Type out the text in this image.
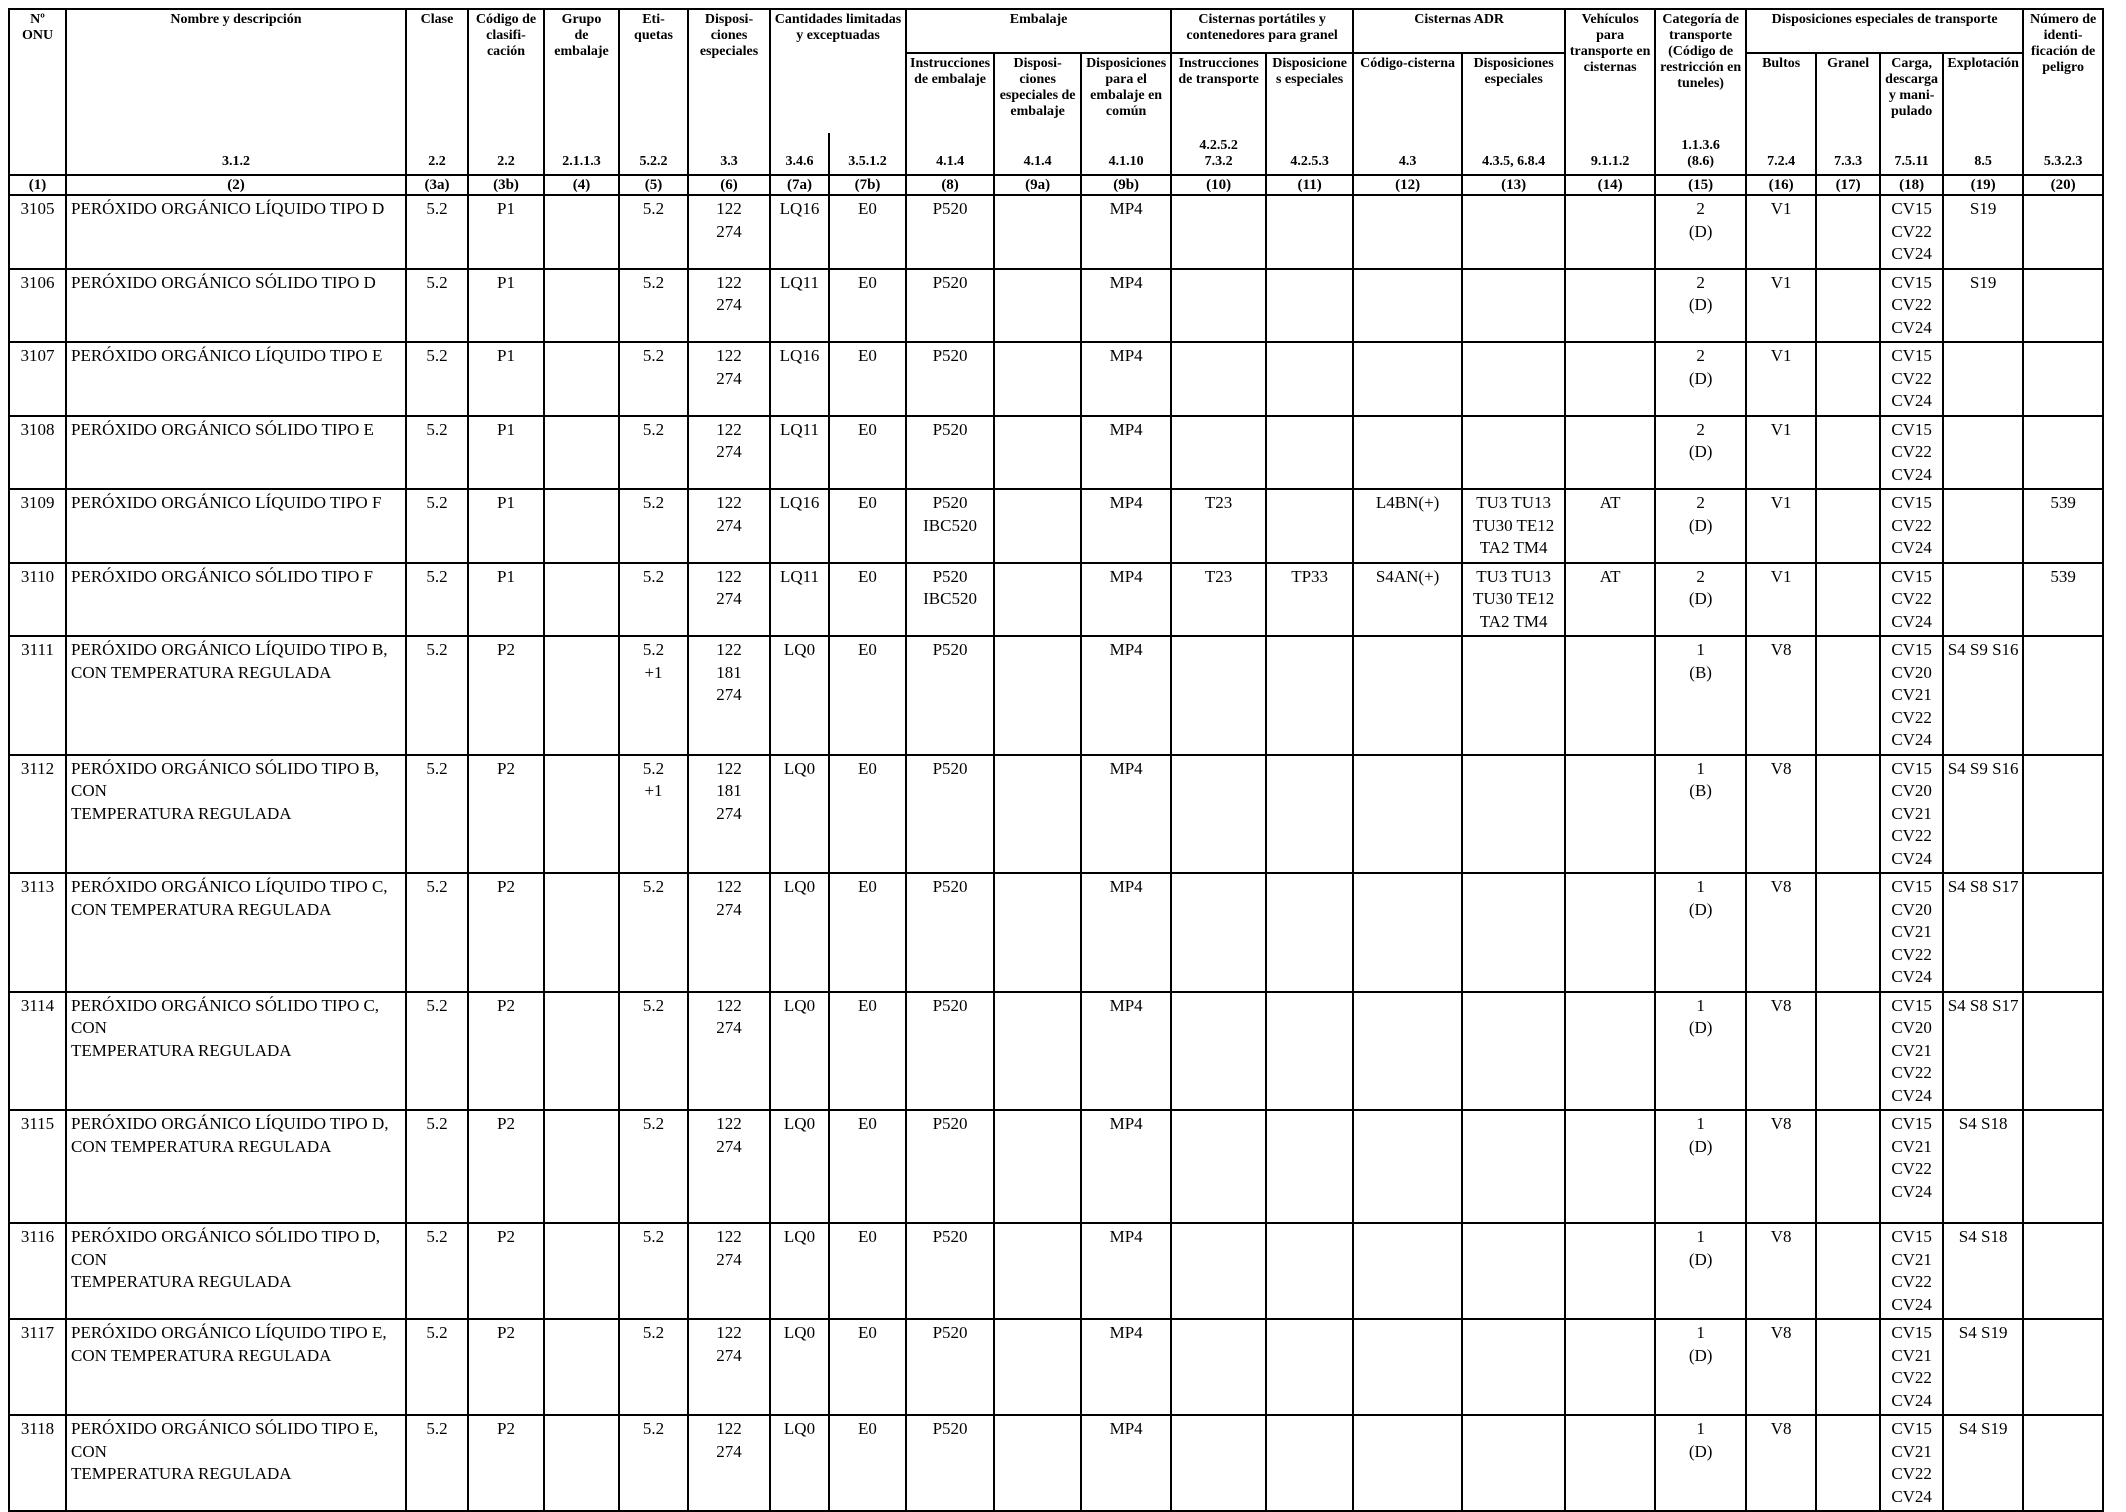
Nº ONU	Nombre y descripción	Clase	Código de
clasifi-
cación	Grupo
de
embalaje	Eti-
quetas	Disposi-
ciones
especiales	Cantidades limitadas
y exceptuadas		Embalaje			Cisternas portátiles y
contenedores para granel		Cisternas ADR		Vehículos
para
transporte en
cisternas	Categoría de
transporte
(Código de
restricción en
tuneles)	Disposiciones especiales de transporte				Número de
identi-
ficación de
peligro
									Instrucciones
de embalaje	Disposi-
ciones
especiales de
embalaje	Disposiciones
para el
embalaje en
común	Instrucciones
de transporte	Disposicione
s especiales	Código-cisterna	Disposiciones
especiales			Bultos	Granel	Carga,
descarga
y mani-
pulado	Explotación	
	3.1.2	2.2	2.2	2.1.1.3	5.2.2	3.3	3.4.6	3.5.1.2	4.1.4	4.1.4	4.1.10	4.2.5.2
7.3.2	4.2.5.3	4.3	4.3.5, 6.8.4	9.1.1.2	1.1.3.6
(8.6)	7.2.4	7.3.3	7.5.11	8.5	5.3.2.3
(1)	(2)	(3a)	(3b)	(4)	(5)	(6)	(7a)	(7b)	(8)	(9a)	(9b)	(10)	(11)	(12)	(13)	(14)	(15)	(16)	(17)	(18)	(19)	(20)
3105	PERÓXIDO ORGÁNICO LÍQUIDO TIPO D	5.2	P1		5.2	122
274	LQ16	E0	P520		MP4						2
(D)	V1		CV15
CV22
CV24	S19	
3106	PERÓXIDO ORGÁNICO SÓLIDO TIPO D	5.2	P1		5.2	122
274	LQ11	E0	P520		MP4						2
(D)	V1		CV15
CV22
CV24	S19	
3107	PERÓXIDO ORGÁNICO LÍQUIDO TIPO E	5.2	P1		5.2	122
274	LQ16	E0	P520		MP4						2
(D)	V1		CV15
CV22
CV24		
3108	PERÓXIDO ORGÁNICO SÓLIDO TIPO E	5.2	P1		5.2	122
274	LQ11	E0	P520		MP4						2
(D)	V1		CV15
CV22
CV24		
3109	PERÓXIDO ORGÁNICO LÍQUIDO TIPO F	5.2	P1		5.2	122
274	LQ16	E0	P520
IBC520		MP4	T23		L4BN(+)	TU3 TU13
TU30 TE12
TA2 TM4	AT	2
(D)	V1		CV15
CV22
CV24		539
3110	PERÓXIDO ORGÁNICO SÓLIDO TIPO F	5.2	P1		5.2	122
274	LQ11	E0	P520
IBC520		MP4	T23	TP33	S4AN(+)	TU3 TU13
TU30 TE12
TA2 TM4	AT	2
(D)	V1		CV15
CV22
CV24		539
3111	PERÓXIDO ORGÁNICO LÍQUIDO TIPO B,
CON TEMPERATURA REGULADA	5.2	P2		5.2
+1	122
181
274	LQ0	E0	P520		MP4						1
(B)	V8		CV15
CV20
CV21
CV22
CV24	S4 S9 S16	
3112	PERÓXIDO ORGÁNICO SÓLIDO TIPO B, CON
TEMPERATURA REGULADA	5.2	P2		5.2
+1	122
181
274	LQ0	E0	P520		MP4						1
(B)	V8		CV15
CV20
CV21
CV22
CV24	S4 S9 S16	
3113	PERÓXIDO ORGÁNICO LÍQUIDO TIPO C,
CON TEMPERATURA REGULADA	5.2	P2		5.2	122
274	LQ0	E0	P520		MP4						1
(D)	V8		CV15
CV20
CV21
CV22
CV24	S4 S8 S17	
3114	PERÓXIDO ORGÁNICO SÓLIDO TIPO C, CON
TEMPERATURA REGULADA	5.2	P2		5.2	122
274	LQ0	E0	P520		MP4						1
(D)	V8		CV15
CV20
CV21
CV22
CV24	S4 S8 S17	
3115	PERÓXIDO ORGÁNICO LÍQUIDO TIPO D,
CON TEMPERATURA REGULADA	5.2	P2		5.2	122
274	LQ0	E0	P520		MP4						1
(D)	V8		CV15
CV21
CV22
CV24	S4 S18	
3116	PERÓXIDO ORGÁNICO SÓLIDO TIPO D, CON
TEMPERATURA REGULADA	5.2	P2		5.2	122
274	LQ0	E0	P520		MP4						1
(D)	V8		CV15
CV21
CV22
CV24	S4 S18	
3117	PERÓXIDO ORGÁNICO LÍQUIDO TIPO E,
CON TEMPERATURA REGULADA	5.2	P2		5.2	122
274	LQ0	E0	P520		MP4						1
(D)	V8		CV15
CV21
CV22
CV24	S4 S19	
3118	PERÓXIDO ORGÁNICO SÓLIDO TIPO E, CON
TEMPERATURA REGULADA	5.2	P2		5.2	122
274	LQ0	E0	P520		MP4						1
(D)	V8		CV15
CV21
CV22
CV24	S4 S19	
